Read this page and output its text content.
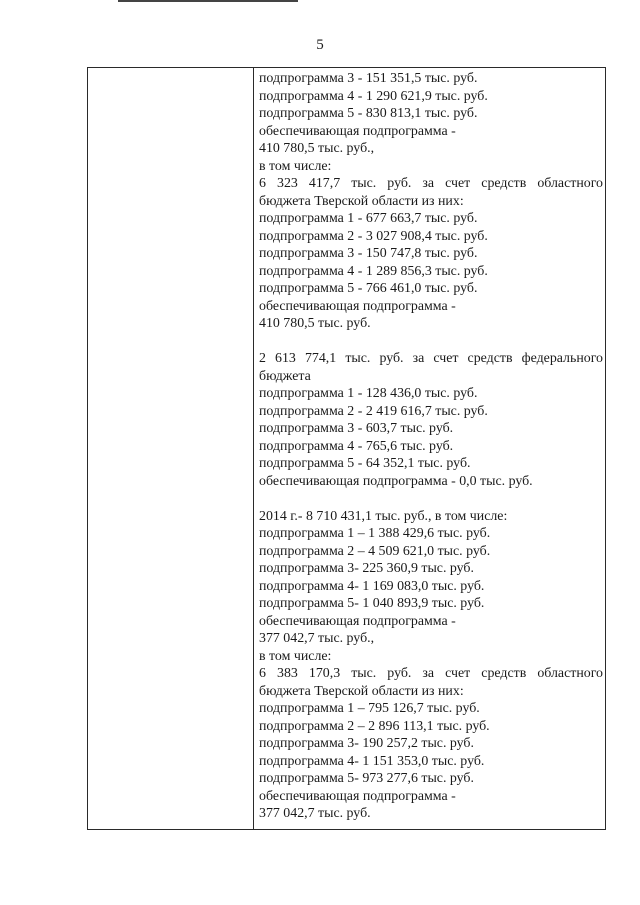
5
подпрограмма 3 - 151 351,5 тыс. руб.
подпрограмма 4 - 1 290 621,9 тыс. руб.
подпрограмма 5 - 830 813,1 тыс. руб.
обеспечивающая подпрограмма -
410 780,5 тыс. руб.,
в том числе:
6 323 417,7 тыс. руб. за счет средств областного
бюджета Тверской области из них:
подпрограмма 1 - 677 663,7 тыс. руб.
подпрограмма 2 - 3 027 908,4 тыс. руб.
подпрограмма 3 - 150 747,8 тыс. руб.
подпрограмма 4 - 1 289 856,3 тыс. руб.
подпрограмма 5 - 766 461,0 тыс. руб.
обеспечивающая подпрограмма -
410 780,5 тыс. руб.
2 613 774,1 тыс. руб. за счет средств федерального
бюджета
подпрограмма 1 - 128 436,0 тыс. руб.
подпрограмма 2 - 2 419 616,7 тыс. руб.
подпрограмма 3 - 603,7 тыс. руб.
подпрограмма 4 - 765,6 тыс. руб.
подпрограмма 5 - 64 352,1 тыс. руб.
обеспечивающая подпрограмма - 0,0 тыс. руб.
2014 г.- 8 710 431,1 тыс. руб., в том числе:
подпрограмма 1 – 1 388 429,6 тыс. руб.
подпрограмма 2 – 4 509 621,0 тыс. руб.
подпрограмма 3- 225 360,9 тыс. руб.
подпрограмма 4- 1 169 083,0 тыс. руб.
подпрограмма 5- 1 040 893,9 тыс. руб.
обеспечивающая подпрограмма -
377 042,7 тыс. руб.,
в том числе:
6 383 170,3 тыс. руб. за счет средств областного
бюджета Тверской области из них:
подпрограмма 1 – 795 126,7 тыс. руб.
подпрограмма 2 – 2 896 113,1 тыс. руб.
подпрограмма 3- 190 257,2 тыс. руб.
подпрограмма 4- 1 151 353,0 тыс. руб.
подпрограмма 5- 973 277,6 тыс. руб.
обеспечивающая подпрограмма -
377 042,7 тыс. руб.
